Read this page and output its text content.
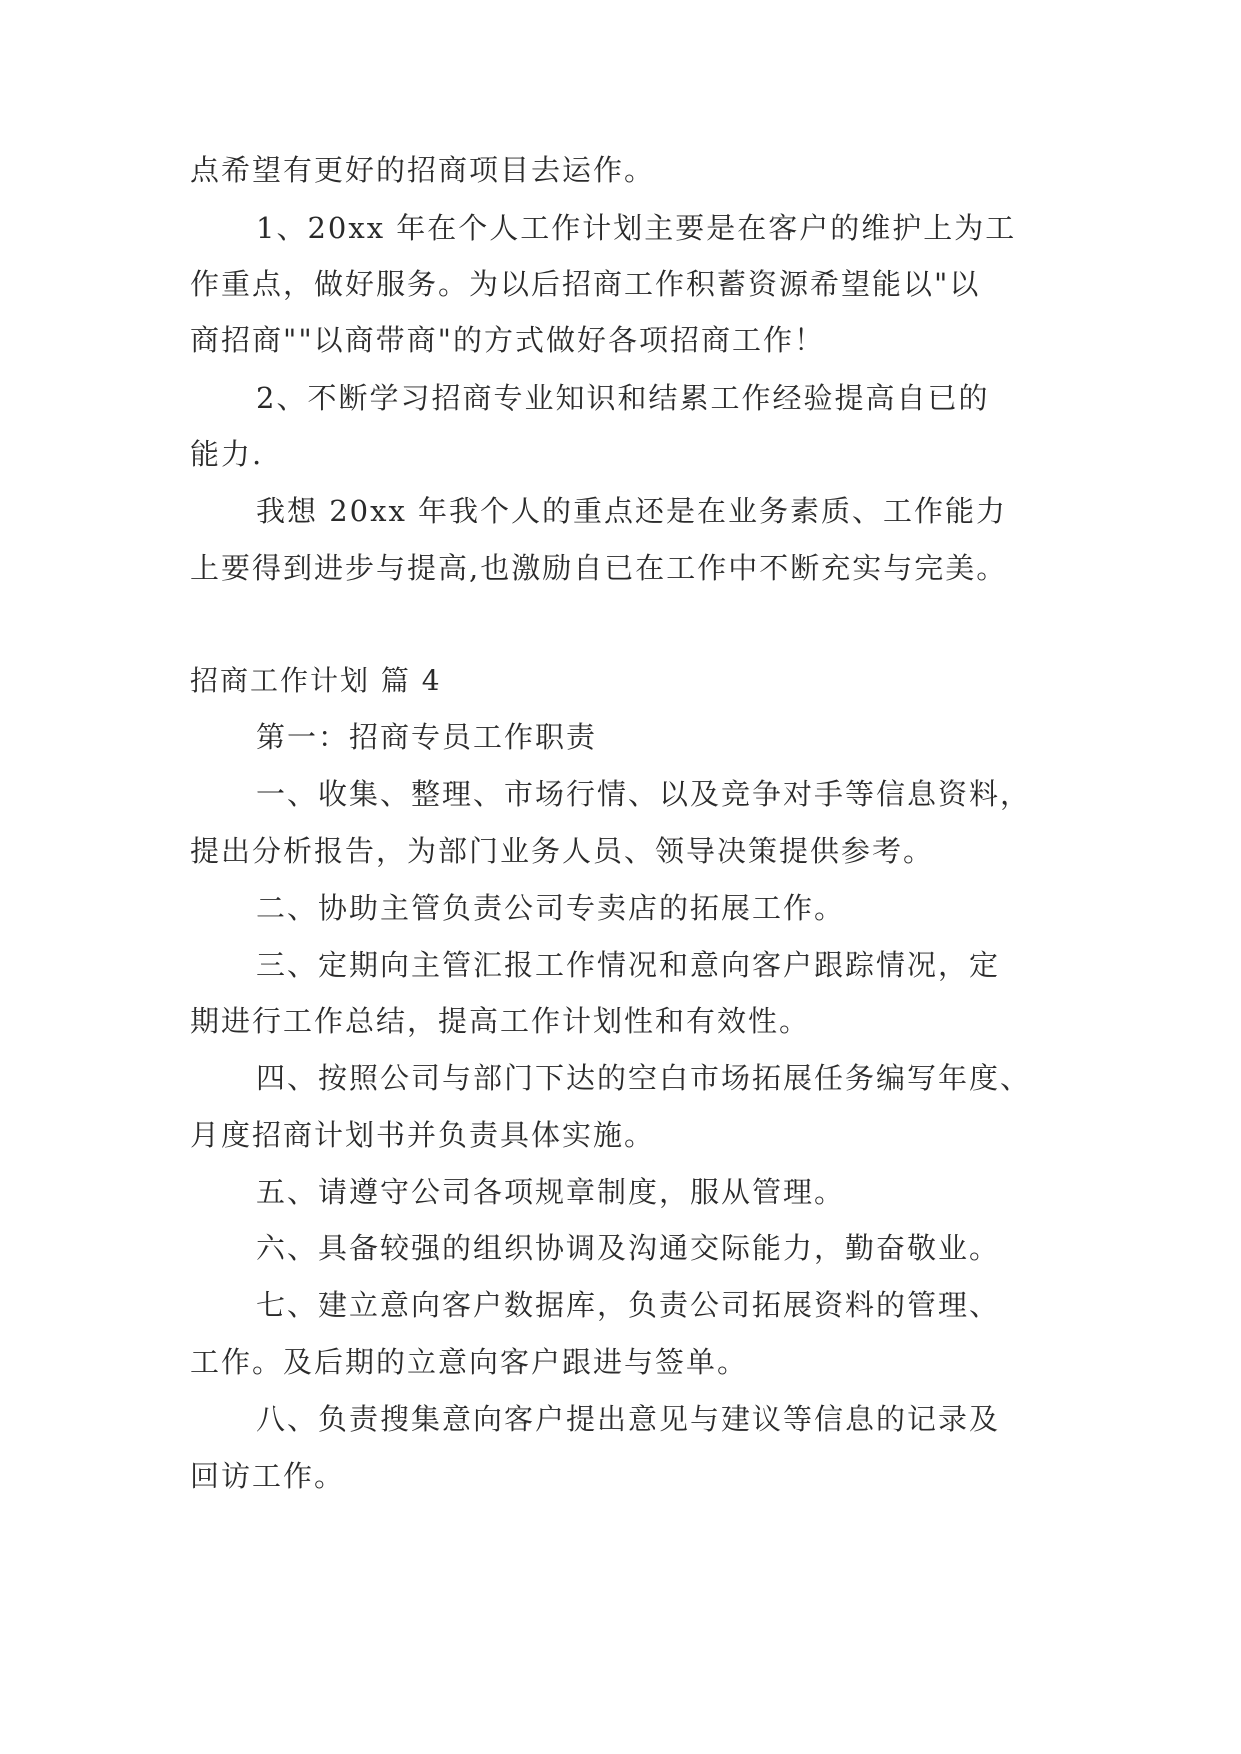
点希望有更好的招商项目去运作。
1、20xx 年在个人工作计划主要是在客户的维护上为工
作重点，做好服务。为以后招商工作积蓄资源希望能以"以
商招商""以商带商"的方式做好各项招商工作！
2、不断学习招商专业知识和结累工作经验提高自已的
能力.
我想 20xx 年我个人的重点还是在业务素质、工作能力
上要得到进步与提高,也激励自已在工作中不断充实与完美。
招商工作计划 篇 4
第一：招商专员工作职责
一、收集、整理、市场行情、以及竞争对手等信息资料，
提出分析报告，为部门业务人员、领导决策提供参考。
二、协助主管负责公司专卖店的拓展工作。
三、定期向主管汇报工作情况和意向客户跟踪情况，定
期进行工作总结，提高工作计划性和有效性。
四、按照公司与部门下达的空白市场拓展任务编写年度、
月度招商计划书并负责具体实施。
五、请遵守公司各项规章制度，服从管理。
六、具备较强的组织协调及沟通交际能力，勤奋敬业。
七、建立意向客户数据库，负责公司拓展资料的管理、
工作。及后期的立意向客户跟进与签单。
八、负责搜集意向客户提出意见与建议等信息的记录及
回访工作。
